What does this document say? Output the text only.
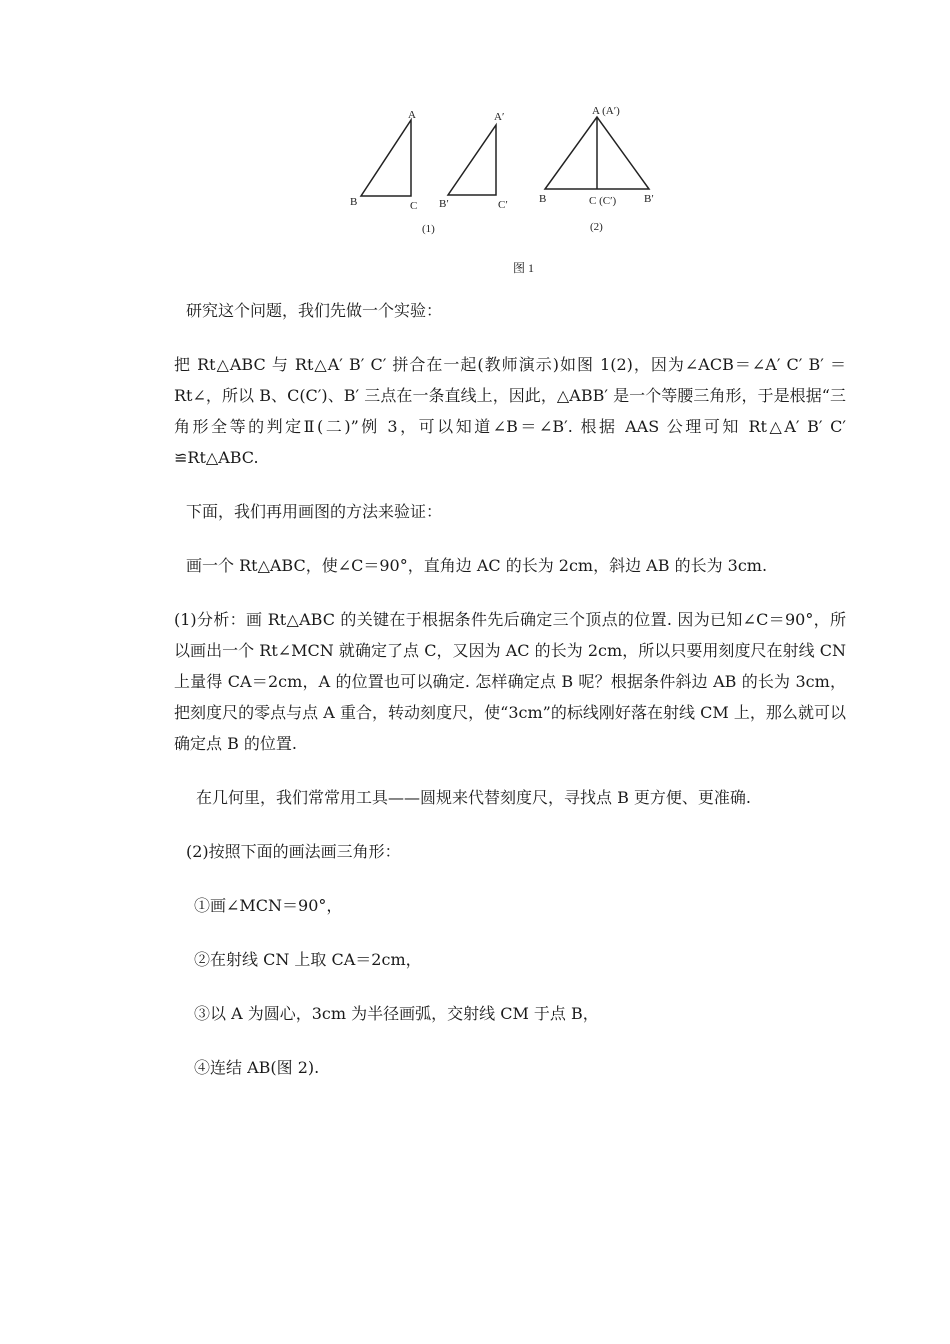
A
B	C
A′
B′	C′
A (A′)
B	C (C′)	B′
(1)	(2)
图 1

研究这个问题，我们先做一个实验：

把 Rt△ABC 与 Rt△A′ B′ C′ 拼合在一起(教师演示)如图 1(2)，因为∠ACB＝∠A′ C′ B′ ＝Rt∠，所以 B、C(C′)、B′ 三点在一条直线上，因此，△ABB′ 是一个等腰三角形，于是根据“三角形全等的判定Ⅱ(二)”例 3，可以知道∠B＝∠B′. 根据 AAS 公理可知 Rt△A′ B′ C′ ≌Rt△ABC.

下面，我们再用画图的方法来验证：

画一个 Rt△ABC，使∠C＝90°，直角边 AC 的长为 2cm，斜边 AB 的长为 3cm.

(1)分析：画 Rt△ABC 的关键在于根据条件先后确定三个顶点的位置. 因为已知∠C＝90°，所以画出一个 Rt∠MCN 就确定了点 C，又因为 AC 的长为 2cm，所以只要用刻度尺在射线 CN 上量得 CA＝2cm，A 的位置也可以确定. 怎样确定点 B 呢？根据条件斜边 AB 的长为 3cm，把刻度尺的零点与点 A 重合，转动刻度尺，使“3cm”的标线刚好落在射线 CM 上，那么就可以确定点 B 的位置.

在几何里，我们常常用工具——圆规来代替刻度尺，寻找点 B 更方便、更准确.

(2)按照下面的画法画三角形：

①画∠MCN＝90°，

②在射线 CN 上取 CA＝2cm，

③以 A 为圆心，3cm 为半径画弧，交射线 CM 于点 B，

④连结 AB(图 2).
